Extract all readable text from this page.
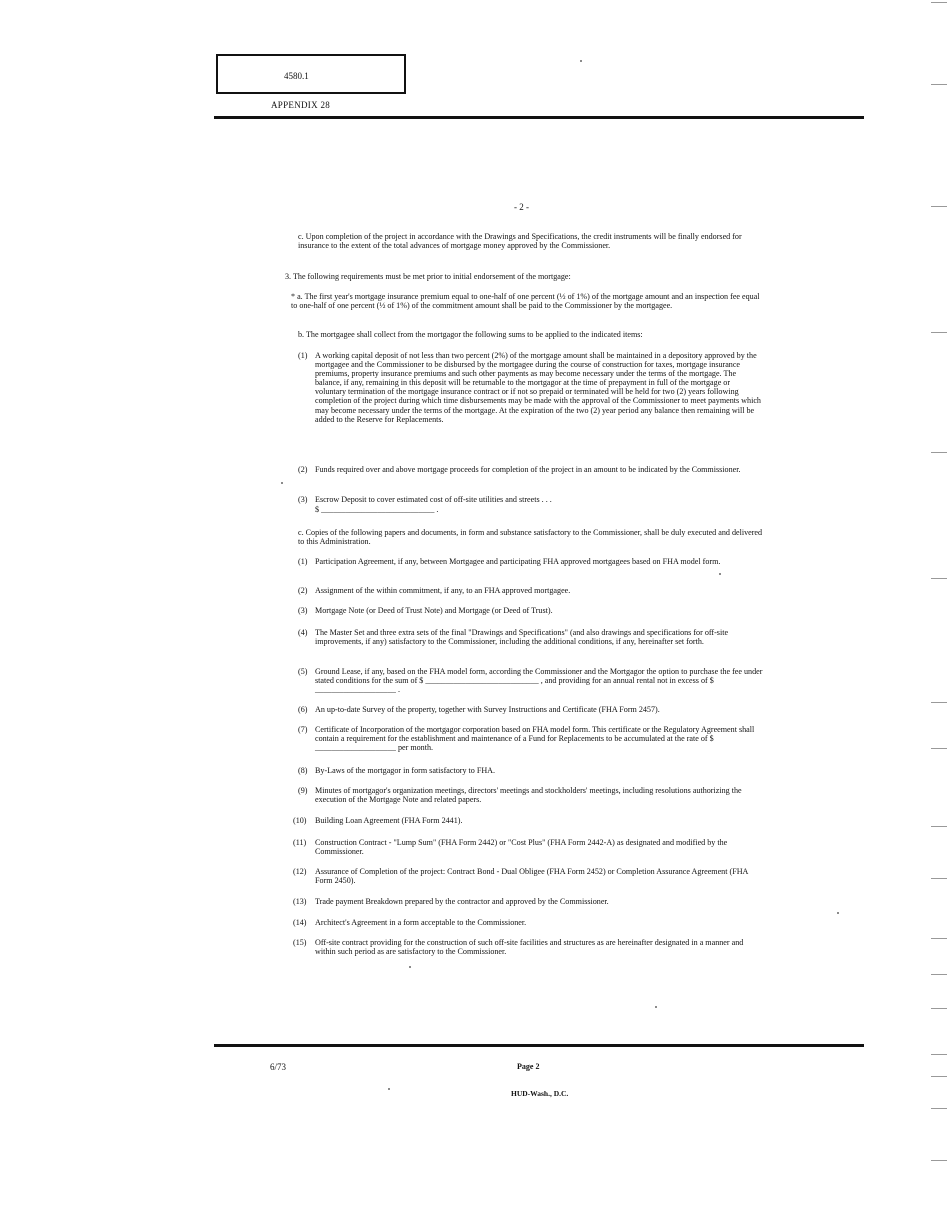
4580.1
APPENDIX 28
- 2 -

c. Upon completion of the project in accordance with the Drawings and Specifications, the credit instruments will be finally endorsed for insurance to the extent of the total advances of mortgage money approved by the Commissioner.

3. The following requirements must be met prior to initial endorsement of the mortgage:

* a. The first year's mortgage insurance premium equal to one-half of one percent (½ of 1%) of the mortgage amount and an inspection fee equal to one-half of one percent (½ of 1%) of the commitment amount shall be paid to the Commissioner by the mortgagee.

b. The mortgagee shall collect from the mortgagor the following sums to be applied to the indicated items:

(1) A working capital deposit of not less than two percent (2%) of the mortgage amount shall be maintained in a depository approved by the mortgagee and the Commissioner to be disbursed by the mortgagee during the course of construction for taxes, mortgage insurance premiums, property insurance premiums and such other payments as may become necessary under the terms of the mortgage. The balance, if any, remaining in this deposit will be returnable to the mortgagor at the time of prepayment in full of the mortgage or voluntary termination of the mortgage insurance contract or if not so prepaid or terminated will be held for two (2) years following completion of the project during which time disbursements may be made with the approval of the Commissioner to meet payments which may become necessary under the terms of the mortgage. At the expiration of the two (2) year period any balance then remaining will be added to the Reserve for Replacements.

(2) Funds required over and above mortgage proceeds for completion of the project in an amount to be indicated by the Commissioner.

(3) Escrow Deposit to cover estimated cost of off-site utilities and streets . . .

$ ____________________________ .

c. Copies of the following papers and documents, in form and substance satisfactory to the Commissioner, shall be duly executed and delivered to this Administration.

(1) Participation Agreement, if any, between Mortgagee and participating FHA approved mortgagees based on FHA model form.

(2) Assignment of the within commitment, if any, to an FHA approved mortgagee.

(3) Mortgage Note (or Deed of Trust Note) and Mortgage (or Deed of Trust).

(4) The Master Set and three extra sets of the final "Drawings and Specifications" (and also drawings and specifications for off-site improvements, if any) satisfactory to the Commissioner, including the additional conditions, if any, hereinafter set forth.

(5) Ground Lease, if any, based on the FHA model form, according the Commissioner and the Mortgagor the option to purchase the fee under stated conditions for the sum of $ ____________________________ , and providing for an annual rental not in excess of $ ____________________ .

(6) An up-to-date Survey of the property, together with Survey Instructions and Certificate (FHA Form 2457).

(7) Certificate of Incorporation of the mortgagor corporation based on FHA model form. This certificate or the Regulatory Agreement shall contain a requirement for the establishment and maintenance of a Fund for Replacements to be accumulated at the rate of $ ____________________ per month.

(8) By-Laws of the mortgagor in form satisfactory to FHA.

(9) Minutes of mortgagor's organization meetings, directors' meetings and stockholders' meetings, including resolutions authorizing the execution of the Mortgage Note and related papers.

(10) Building Loan Agreement (FHA Form 2441).

(11) Construction Contract - "Lump Sum" (FHA Form 2442) or "Cost Plus" (FHA Form 2442-A) as designated and modified by the Commissioner.

(12) Assurance of Completion of the project: Contract Bond - Dual Obligee (FHA Form 2452) or Completion Assurance Agreement (FHA Form 2450).

(13) Trade payment Breakdown prepared by the contractor and approved by the Commissioner.

(14) Architect's Agreement in a form acceptable to the Commissioner.

(15) Off-site contract providing for the construction of such off-site facilities and structures as are hereinafter designated in a manner and within such period as are satisfactory to the Commissioner.

6/73	Page 2
HUD-Wash., D.C.
